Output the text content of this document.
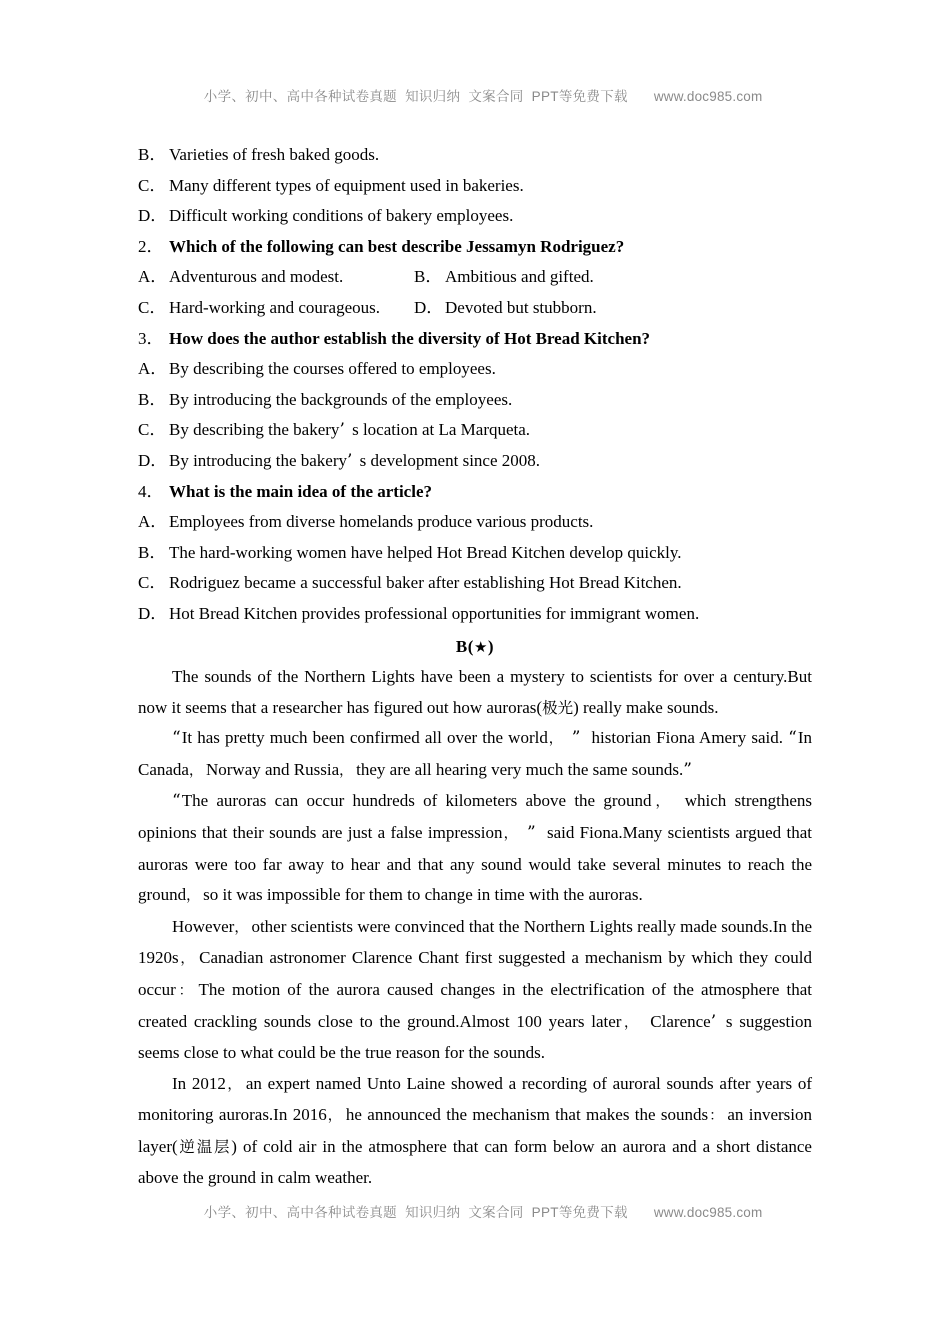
小学、初中、高中各种试卷真题  知识归纳  文案合同  PPT等免费下载 www.doc985.com

B． Varieties of fresh baked goods.
C． Many different types of equipment used in bakeries.
D． Difficult working conditions of bakery employees.
2． Which of the following can best describe Jessamyn Rodriguez?
A． Adventurous and modest.	B． Ambitious and gifted.
C． Hard-working and courageous. D． Devoted but stubborn.
3． How does the author establish the diversity of Hot Bread Kitchen?
A． By describing the courses offered to employees.
B． By introducing the backgrounds of the employees.
C． By describing the bakery’ s location at La Marqueta.
D． By introducing the bakery’ s development since 2008.
4． What is the main idea of the article?
A． Employees from diverse homelands produce various products.
B． The hard-working women have helped Hot Bread Kitchen develop quickly.
C． Rodriguez became a successful baker after establishing Hot Bread Kitchen.
D． Hot Bread Kitchen provides professional opportunities for immigrant women.
B(★)

The sounds of the Northern Lights have been a mystery to scientists for over a century.But now it seems that a researcher has figured out how auroras(极光) really make sounds.

“It has pretty much been confirmed all over the world， ” historian Fiona Amery said. “In Canada，Norway and Russia，they are all hearing very much the same sounds.”

“The auroras can occur hundreds of kilometers above the ground， which strengthens opinions that their sounds are just a false impression， ” said Fiona.Many scientists argued that auroras were too far away to hear and that any sound would take several minutes to reach the ground，so it was impossible for them to change in time with the auroras.

However，other scientists were convinced that the Northern Lights really made sounds.In the 1920s，Canadian astronomer Clarence Chant first suggested a mechanism by which they could occur：The motion of the aurora caused changes in the electrification of the atmosphere that created crackling sounds close to the ground.Almost 100 years later， Clarence’ s suggestion seems close to what could be the true reason for the sounds.

In 2012，an expert named Unto Laine showed a recording of auroral sounds after years of monitoring auroras.In 2016，he announced the mechanism that makes the sounds：an inversion layer(逆温层) of cold air in the atmosphere that can form below an aurora and a short distance above the ground in calm weather.

小学、初中、高中各种试卷真题  知识归纳  文案合同  PPT等免费下载 www.doc985.com
